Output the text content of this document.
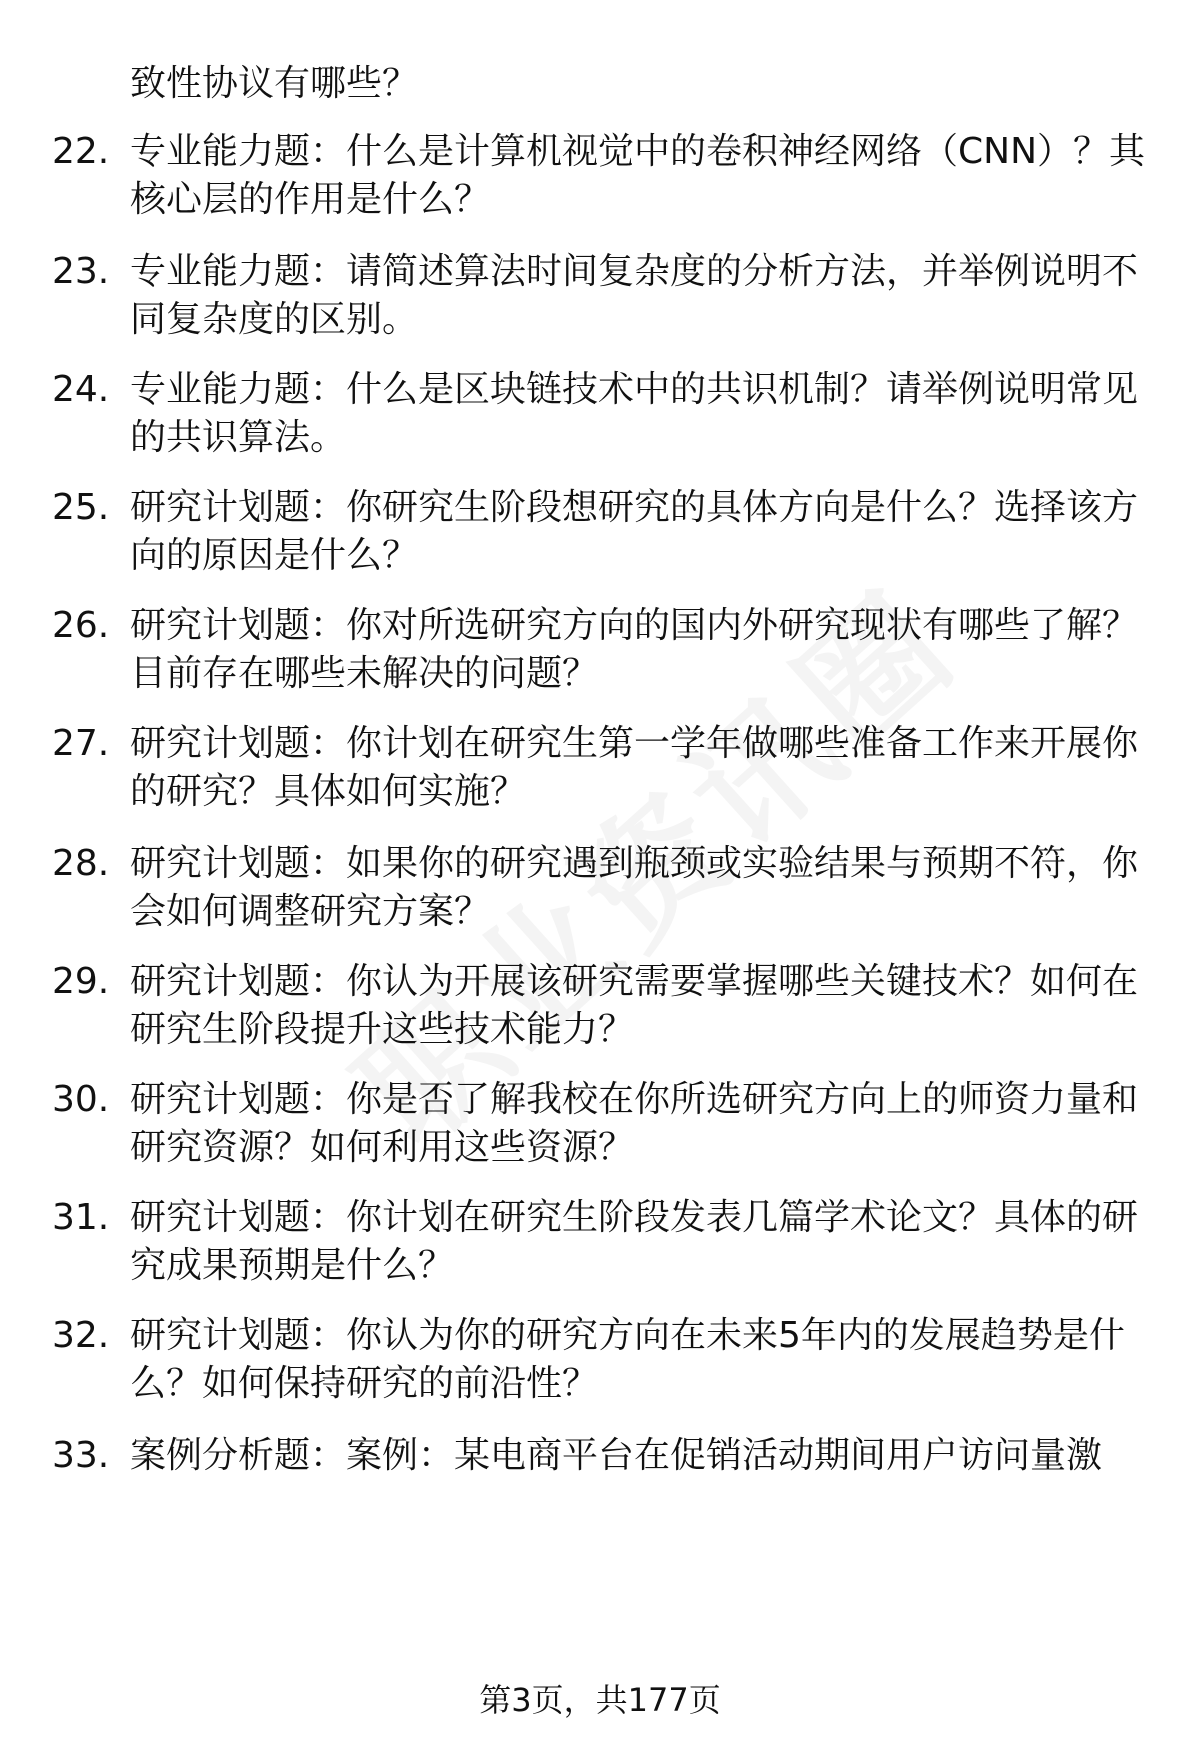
致性协议有哪些？
22. 专业能力题：什么是计算机视觉中的卷积神经网络（CNN）？其核心层的作用是什么？
23. 专业能力题：请简述算法时间复杂度的分析方法，并举例说明不同复杂度的区别。
24. 专业能力题：什么是区块链技术中的共识机制？请举例说明常见的共识算法。
25. 研究计划题：你研究生阶段想研究的具体方向是什么？选择该方向的原因是什么？
26. 研究计划题：你对所选研究方向的国内外研究现状有哪些了解？目前存在哪些未解决的问题？
27. 研究计划题：你计划在研究生第一学年做哪些准备工作来开展你的研究？具体如何实施？
28. 研究计划题：如果你的研究遇到瓶颈或实验结果与预期不符，你会如何调整研究方案？
29. 研究计划题：你认为开展该研究需要掌握哪些关键技术？如何在研究生阶段提升这些技术能力？
30. 研究计划题：你是否了解我校在你所选研究方向上的师资力量和研究资源？如何利用这些资源？
31. 研究计划题：你计划在研究生阶段发表几篇学术论文？具体的研究成果预期是什么？
32. 研究计划题：你认为你的研究方向在未来5年内的发展趋势是什么？如何保持研究的前沿性？
33. 案例分析题：案例：某电商平台在促销活动期间用户访问量激
第3页，共177页
